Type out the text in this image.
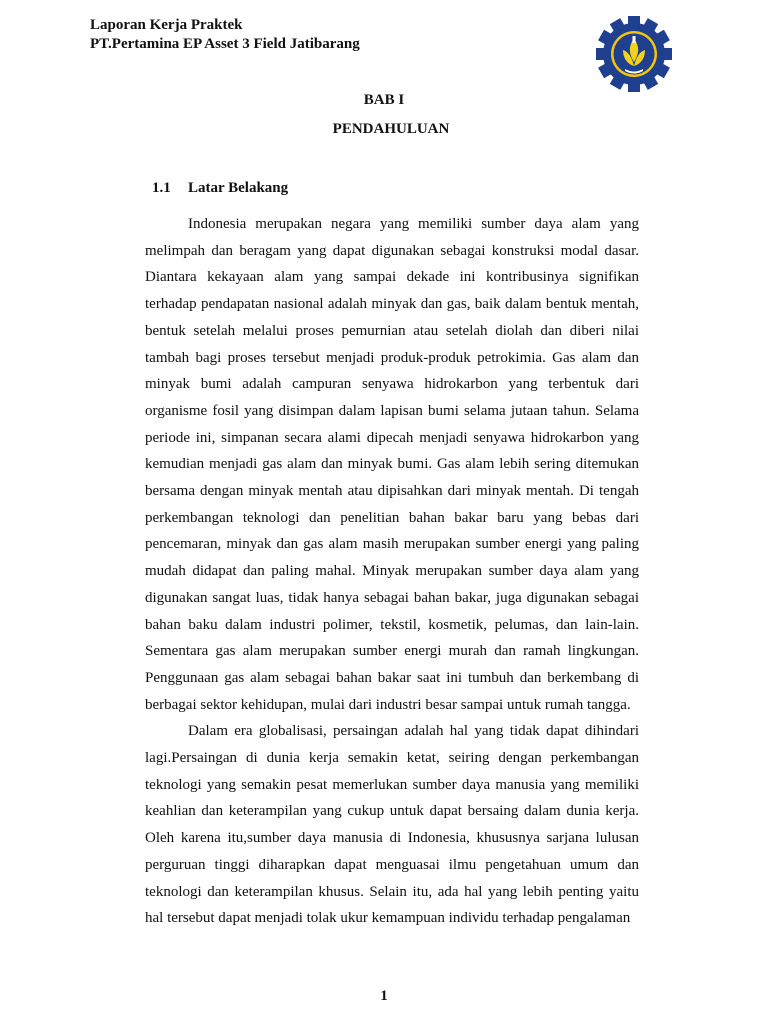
Laporan Kerja Praktek
PT.Pertamina EP Asset 3 Field Jatibarang
BAB I
PENDAHULUAN
1.1 Latar Belakang

Indonesia merupakan negara yang memiliki sumber daya alam yang melimpah dan beragam yang dapat digunakan sebagai konstruksi modal dasar. Diantara kekayaan alam yang sampai dekade ini kontribusinya signifikan terhadap pendapatan nasional adalah minyak dan gas, baik dalam bentuk mentah, bentuk setelah melalui proses pemurnian atau setelah diolah dan diberi nilai tambah bagi proses tersebut menjadi produk-produk petrokimia. Gas alam dan minyak bumi adalah campuran senyawa hidrokarbon yang terbentuk dari organisme fosil yang disimpan dalam lapisan bumi selama jutaan tahun. Selama periode ini, simpanan secara alami dipecah menjadi senyawa hidrokarbon yang kemudian menjadi gas alam dan minyak bumi. Gas alam lebih sering ditemukan bersama dengan minyak mentah atau dipisahkan dari minyak mentah. Di tengah perkembangan teknologi dan penelitian bahan bakar baru yang bebas dari pencemaran, minyak dan gas alam masih merupakan sumber energi yang paling mudah didapat dan paling mahal. Minyak merupakan sumber daya alam yang digunakan sangat luas, tidak hanya sebagai bahan bakar, juga digunakan sebagai bahan baku dalam industri polimer, tekstil, kosmetik, pelumas, dan lain-lain. Sementara gas alam merupakan sumber energi murah dan ramah lingkungan. Penggunaan gas alam sebagai bahan bakar saat ini tumbuh dan berkembang di berbagai sektor kehidupan, mulai dari industri besar sampai untuk rumah tangga.

Dalam era globalisasi, persaingan adalah hal yang tidak dapat dihindari lagi.Persaingan di dunia kerja semakin ketat, seiring dengan perkembangan teknologi yang semakin pesat memerlukan sumber daya manusia yang memiliki keahlian dan keterampilan yang cukup untuk dapat bersaing dalam dunia kerja. Oleh karena itu,sumber daya manusia di Indonesia, khususnya sarjana lulusan perguruan tinggi diharapkan dapat menguasai ilmu pengetahuan umum dan teknologi dan keterampilan khusus. Selain itu, ada hal yang lebih penting yaitu hal tersebut dapat menjadi tolak ukur kemampuan individu terhadap pengalaman

1
